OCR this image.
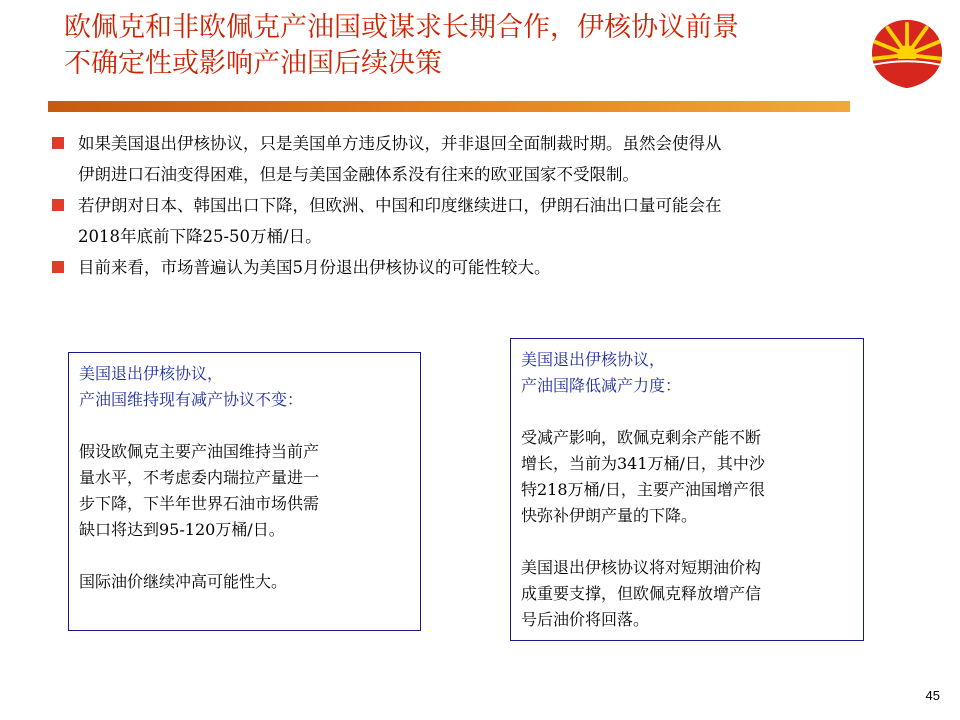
欧佩克和非欧佩克产油国或谋求长期合作，伊核协议前景
不确定性或影响产油国后续决策
如果美国退出伊核协议，只是美国单方违反协议，并非退回全面制裁时期。虽然会使得从
伊朗进口石油变得困难，但是与美国金融体系没有往来的欧亚国家不受限制。
若伊朗对日本、韩国出口下降，但欧洲、中国和印度继续进口，伊朗石油出口量可能会在
2018年底前下降25-50万桶/日。
目前来看，市场普遍认为美国5月份退出伊核协议的可能性较大。

美国退出伊核协议，

产油国维持现有减产协议不变：

假设欧佩克主要产油国维持当前产

量水平，不考虑委内瑞拉产量进一

步下降，下半年世界石油市场供需

缺口将达到95-120万桶/日。

国际油价继续冲高可能性大。

美国退出伊核协议，

产油国降低减产力度：

受减产影响，欧佩克剩余产能不断

增长，当前为341万桶/日，其中沙

特218万桶/日，主要产油国增产很

快弥补伊朗产量的下降。

美国退出伊核协议将对短期油价构

成重要支撑，但欧佩克释放增产信

号后油价将回落。

45
